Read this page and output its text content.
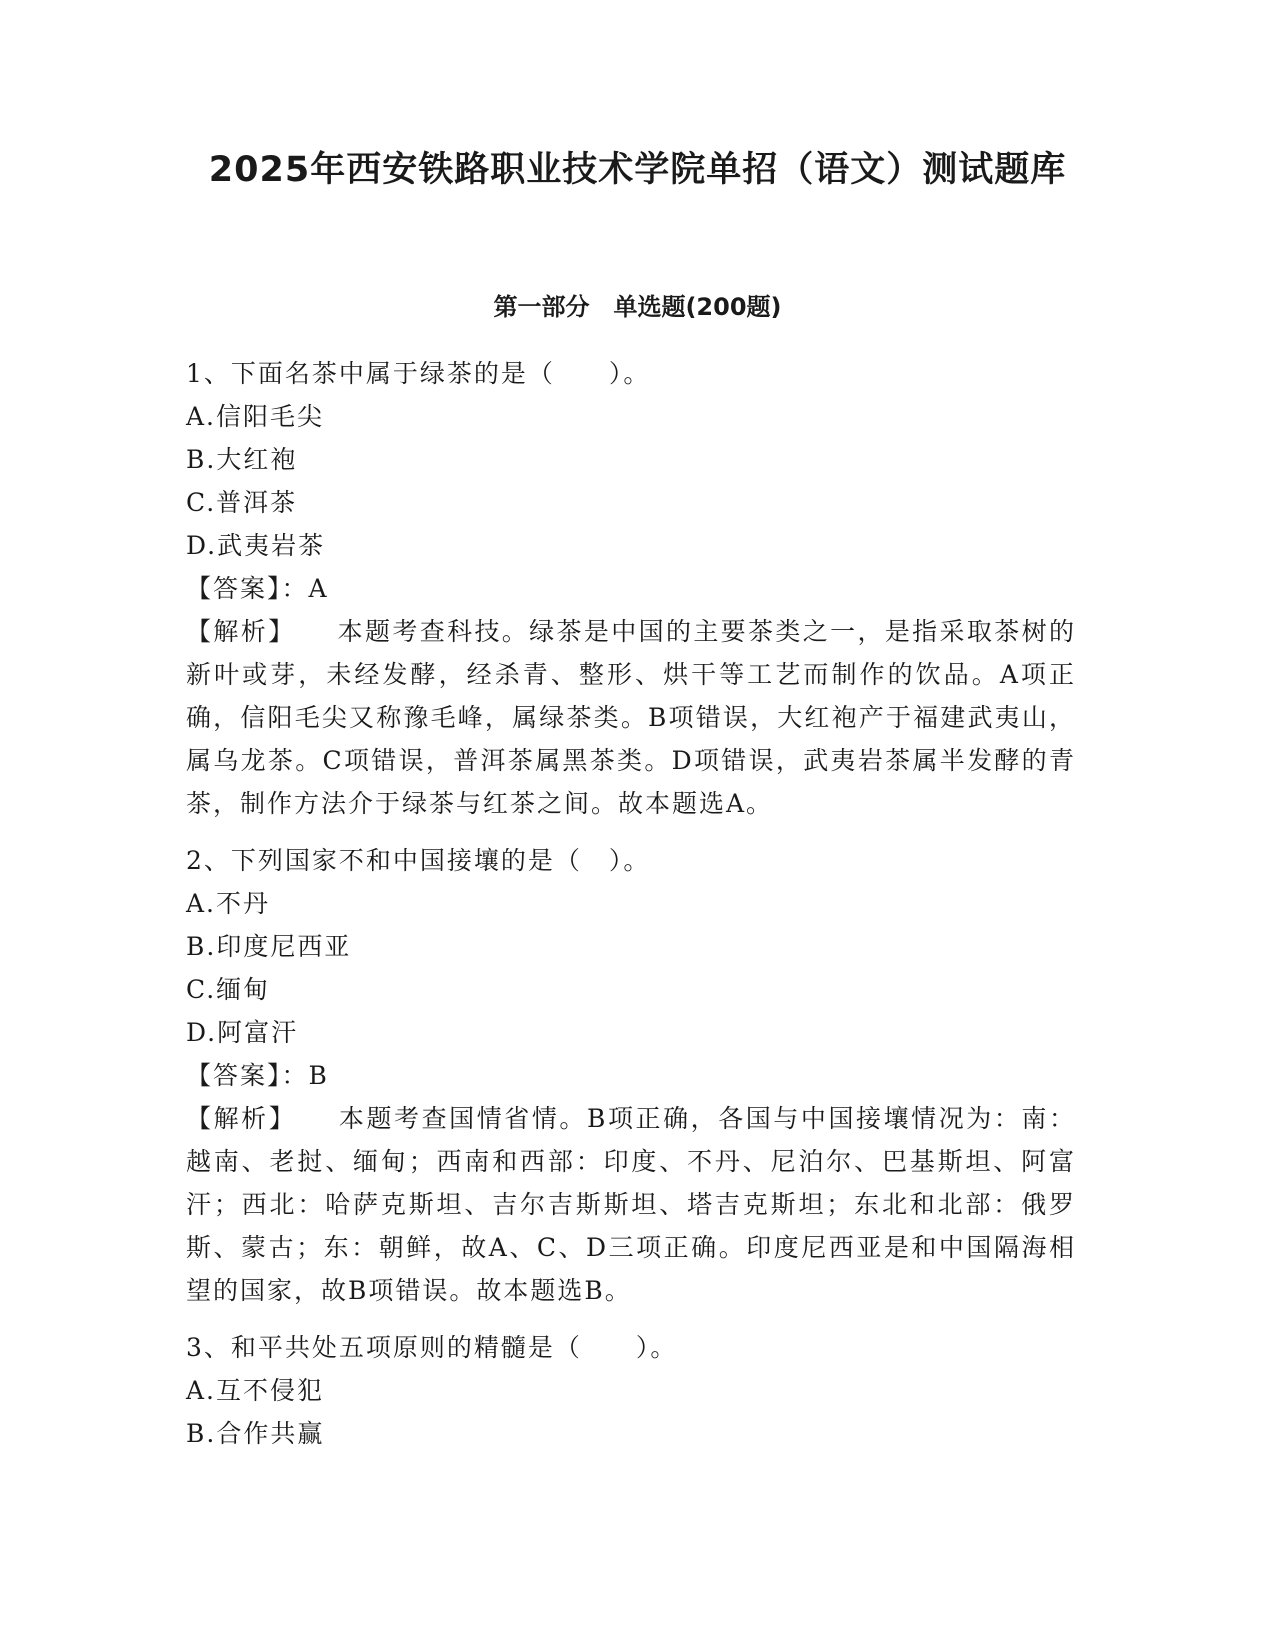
2025年西安铁路职业技术学院单招（语文）测试题库
第一部分　单选题(200题)

1、下面名茶中属于绿茶的是（　　）。

A.信阳毛尖

B.大红袍

C.普洱茶

D.武夷岩茶

【答案】：A

【解析】　　本题考查科技。绿茶是中国的主要茶类之一，是指采取茶树的新叶或芽，未经发酵，经杀青、整形、烘干等工艺而制作的饮品。A项正确，信阳毛尖又称豫毛峰，属绿茶类。B项错误，大红袍产于福建武夷山，属乌龙茶。C项错误，普洱茶属黑茶类。D项错误，武夷岩茶属半发酵的青茶，制作方法介于绿茶与红茶之间。故本题选A。

2、下列国家不和中国接壤的是（　）。

A.不丹

B.印度尼西亚

C.缅甸

D.阿富汗

【答案】：B

【解析】　　本题考查国情省情。B项正确，各国与中国接壤情况为：南：越南、老挝、缅甸；西南和西部：印度、不丹、尼泊尔、巴基斯坦、阿富汗；西北：哈萨克斯坦、吉尔吉斯斯坦、塔吉克斯坦；东北和北部：俄罗斯、蒙古；东：朝鲜，故A、C、D三项正确。印度尼西亚是和中国隔海相望的国家，故B项错误。故本题选B。

3、和平共处五项原则的精髓是（　　）。

A.互不侵犯

B.合作共赢
